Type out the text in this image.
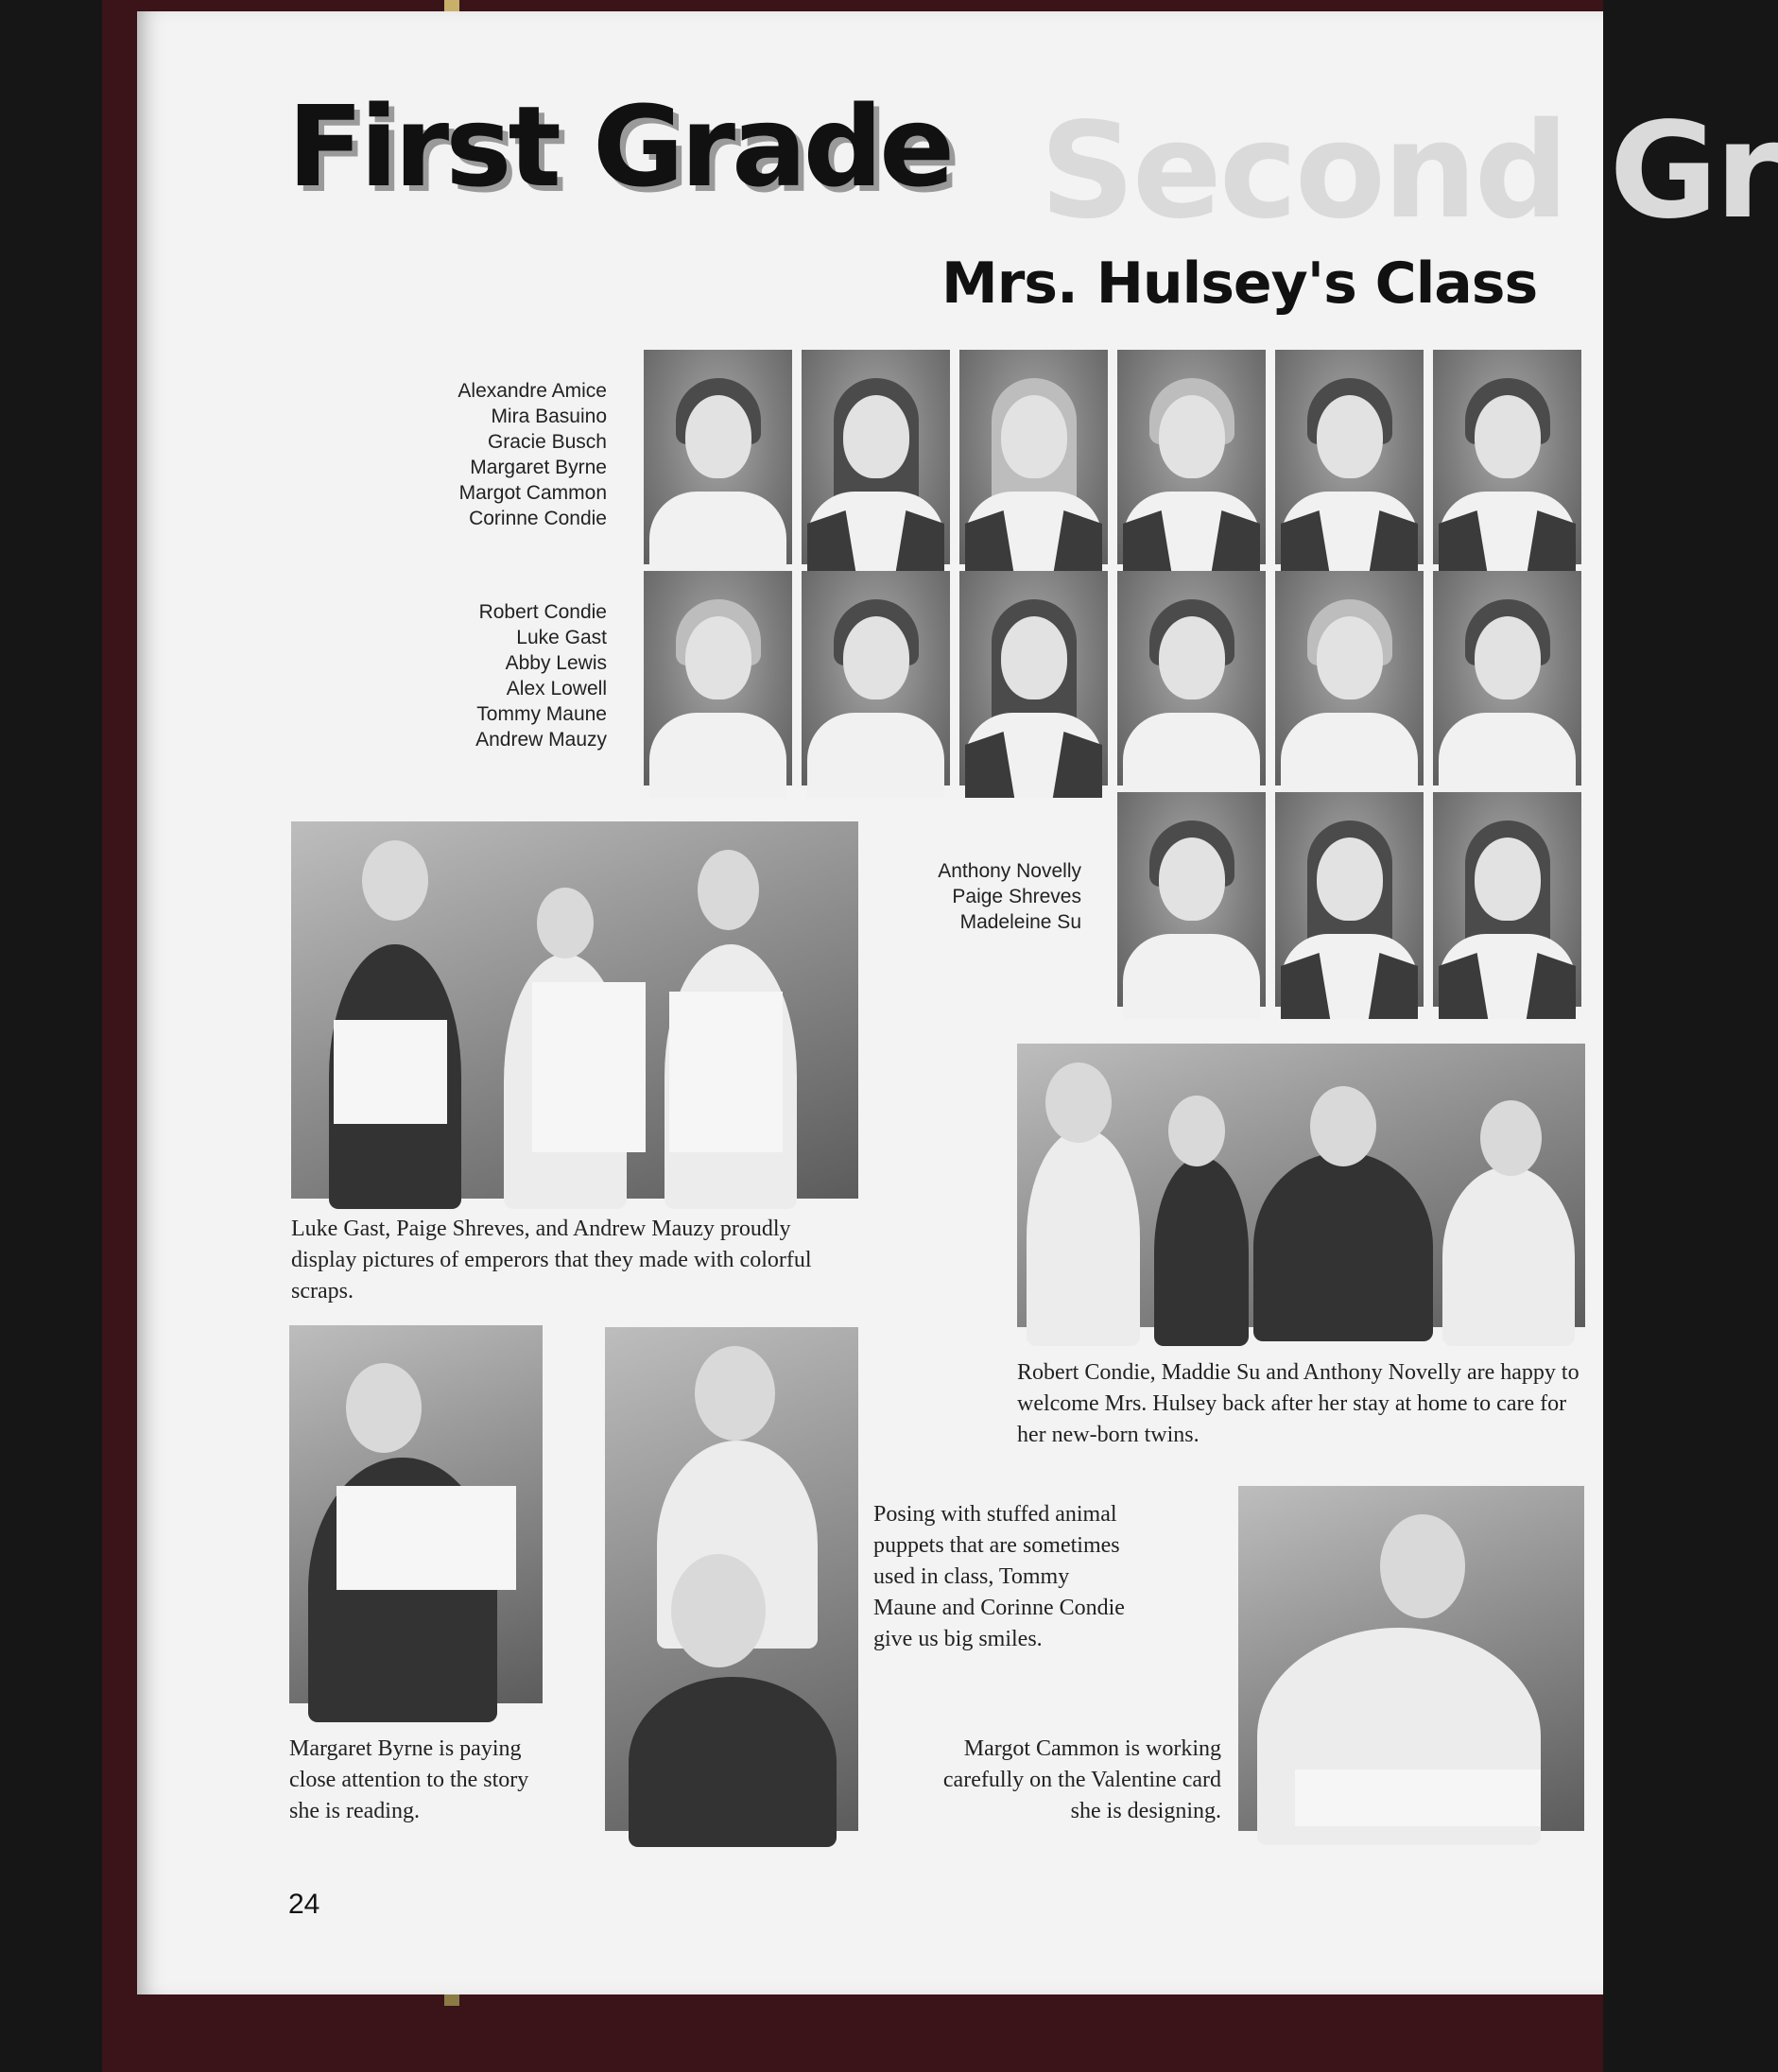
Second Gr
First Grade
Mrs. Hulsey's Class
Alexandre Amice
Mira Basuino
Gracie Busch
Margaret Byrne
Margot Cammon
Corinne Condie
Robert Condie
Luke Gast
Abby Lewis
Alex Lowell
Tommy Maune
Andrew Mauzy
Anthony Novelly
Paige Shreves
Madeleine Su
Luke Gast, Paige Shreves, and Andrew Mauzy proudly display pictures of emperors that they made with colorful scraps.
Robert Condie, Maddie Su and Anthony Novelly are happy to welcome Mrs. Hulsey back after her stay at home to care for her new-born twins.
Margaret Byrne is paying close attention to the story she is reading.
Posing with stuffed animal puppets that are sometimes used in class, Tommy Maune and Corinne Condie give us big smiles.
Margot Cammon is working carefully on the Valentine card she is designing.
24
